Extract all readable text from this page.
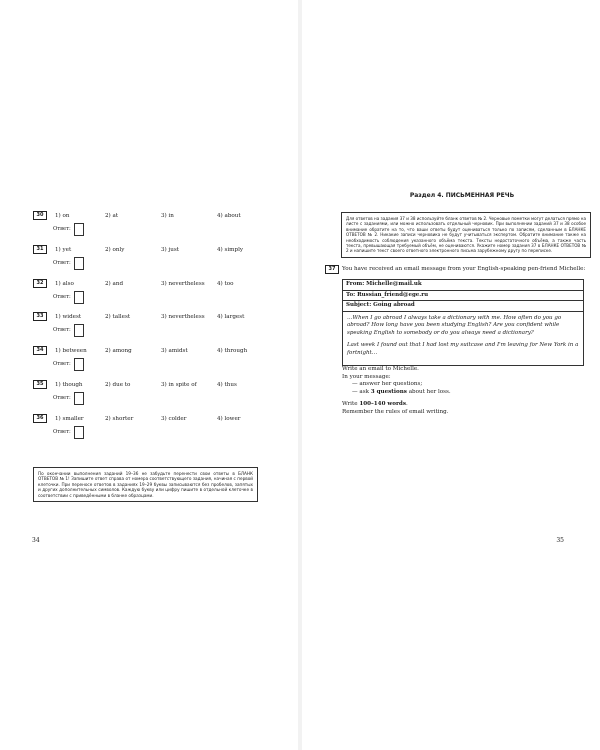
30	1) on	2) at	3) in	4) about
Ответ:
31	1) yet	2) only	3) just	4) simply
Ответ:
32	1) also	2) and	3) nevertheless 4) too
Ответ:
33	1) widest	2) tallest	3) nevertheless 4) largest
Ответ:
34	1) between	2) among	3) amidst	4) through
Ответ:
35	1) though	2) due to	3) in spite of	4) thus
Ответ:
36	1) smaller	2) shorter	3) colder	4) lower
Ответ:
По окончании выполнения заданий 19–36 не забудьте перенести свои ответы в БЛАНК ОТВЕТОВ № 1! Запишите ответ справа от номера соответствующего задания, начиная с первой клеточки. При переносе ответов в заданиях 19–29 буквы записываются без пробелов, запятых и других дополнительных символов. Каждую букву или цифру пишите в отдельной клеточке в соответствии с приведёнными в бланке образцами.
34
Раздел 4. ПИСЬМЕННАЯ РЕЧЬ
Для ответов на задания 37 и 38 используйте бланк ответов № 2. Черновые пометки могут делаться прямо на листе с заданиями, или можно использовать отдельный черновик. При выполнении заданий 37 и 38 особое внимание обратите на то, что ваши ответы будут оцениваться только по записям, сделанным в БЛАНКЕ ОТВЕТОВ № 2. Никакие записи черновика не будут учитываться экспертом. Обратите внимание также на необходимость соблюдения указанного объёма текста. Тексты недостаточного объёма, а также часть текста, превышающая требуемый объём, не оцениваются. Укажите номер задания 37 в БЛАНКЕ ОТВЕТОВ № 2 и напишите текст своего ответного электронного письма зарубежному другу по переписке.
37	You have received an email message from your English-speaking pen-friend Michelle:
From: Michelle@mail.uk
To: Russian_friend@ege.ru
Subject: Going abroad

…When I go abroad I always take a dictionary with me. How often do you go abroad? How long have you been studying English? Are you confident while speaking English to somebody or do you always need a dictionary?

Last week I found out that I had lost my suitcase and I'm leaving for New York in a fortnight…

Write an email to Michelle.

In your message:

— answer her questions;

— ask 3 questions about her loss.

Write 100–140 words.

Remember the rules of email writing.

35
